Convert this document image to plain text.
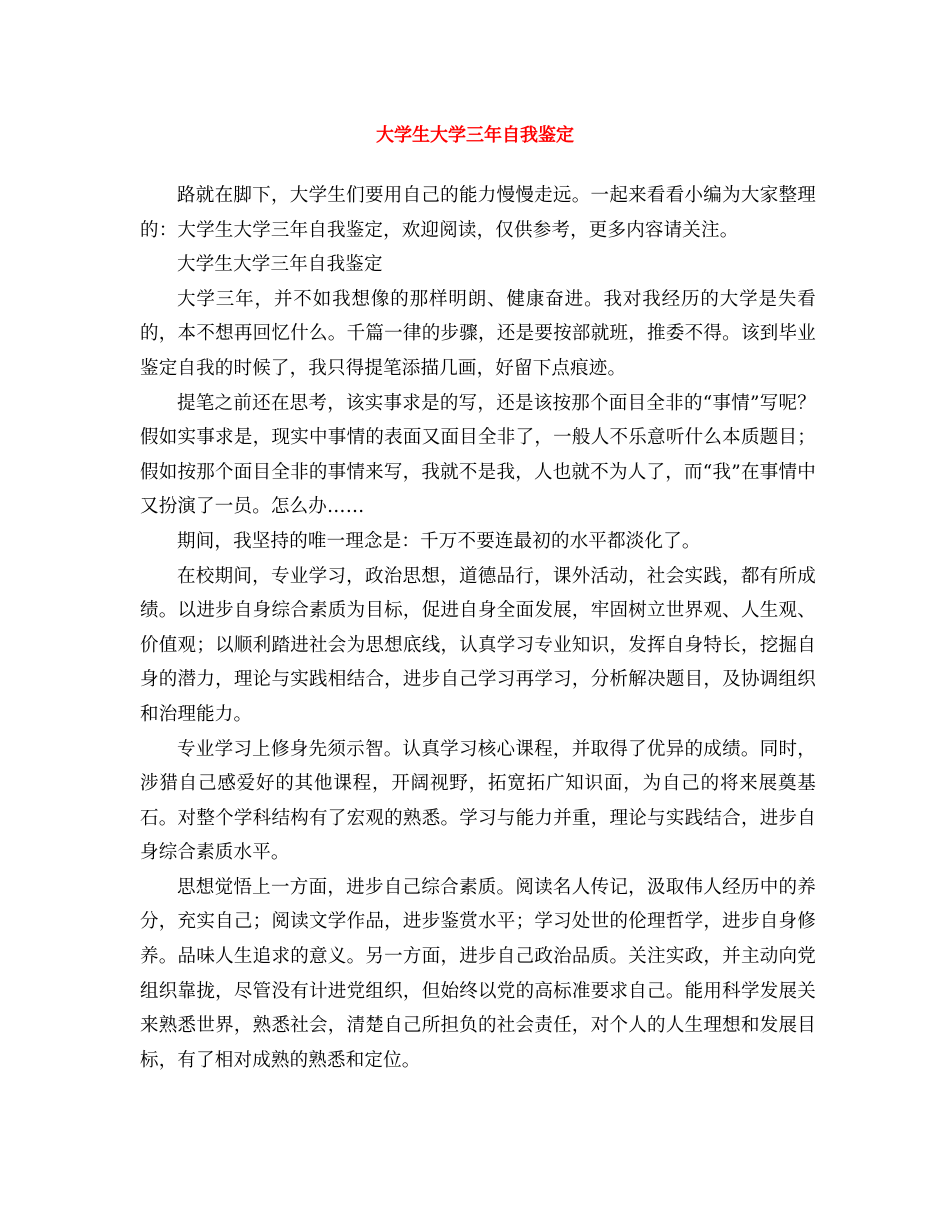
大学生大学三年自我鉴定

路就在脚下，大学生们要用自己的能力慢慢走远。一起来看看小编为大家整理的：大学生大学三年自我鉴定，欢迎阅读，仅供参考，更多内容请关注。

大学生大学三年自我鉴定

大学三年，并不如我想像的那样明朗、健康奋进。我对我经历的大学是失看的，本不想再回忆什么。千篇一律的步骤，还是要按部就班，推委不得。该到毕业鉴定自我的时候了，我只得提笔添描几画，好留下点痕迹。

提笔之前还在思考，该实事求是的写，还是该按那个面目全非的“事情”写呢？假如实事求是，现实中事情的表面又面目全非了，一般人不乐意听什么本质题目；假如按那个面目全非的事情来写，我就不是我，人也就不为人了，而“我”在事情中又扮演了一员。怎么办……

期间，我坚持的唯一理念是：千万不要连最初的水平都淡化了。

在校期间，专业学习，政治思想，道德品行，课外活动，社会实践，都有所成绩。以进步自身综合素质为目标，促进自身全面发展，牢固树立世界观、人生观、价值观；以顺利踏进社会为思想底线，认真学习专业知识，发挥自身特长，挖掘自身的潜力，理论与实践相结合，进步自己学习再学习，分析解决题目，及协调组织和治理能力。

专业学习上修身先须示智。认真学习核心课程，并取得了优异的成绩。同时，涉猎自己感爱好的其他课程，开阔视野，拓宽拓广知识面，为自己的将来展奠基石。对整个学科结构有了宏观的熟悉。学习与能力并重，理论与实践结合，进步自身综合素质水平。

思想觉悟上一方面，进步自己综合素质。阅读名人传记，汲取伟人经历中的养分，充实自己；阅读文学作品，进步鉴赏水平；学习处世的伦理哲学，进步自身修养。品味人生追求的意义。另一方面，进步自己政治品质。关注实政，并主动向党组织靠拢，尽管没有计进党组织，但始终以党的高标准要求自己。能用科学发展关来熟悉世界，熟悉社会，清楚自己所担负的社会责任，对个人的人生理想和发展目标，有了相对成熟的熟悉和定位。
